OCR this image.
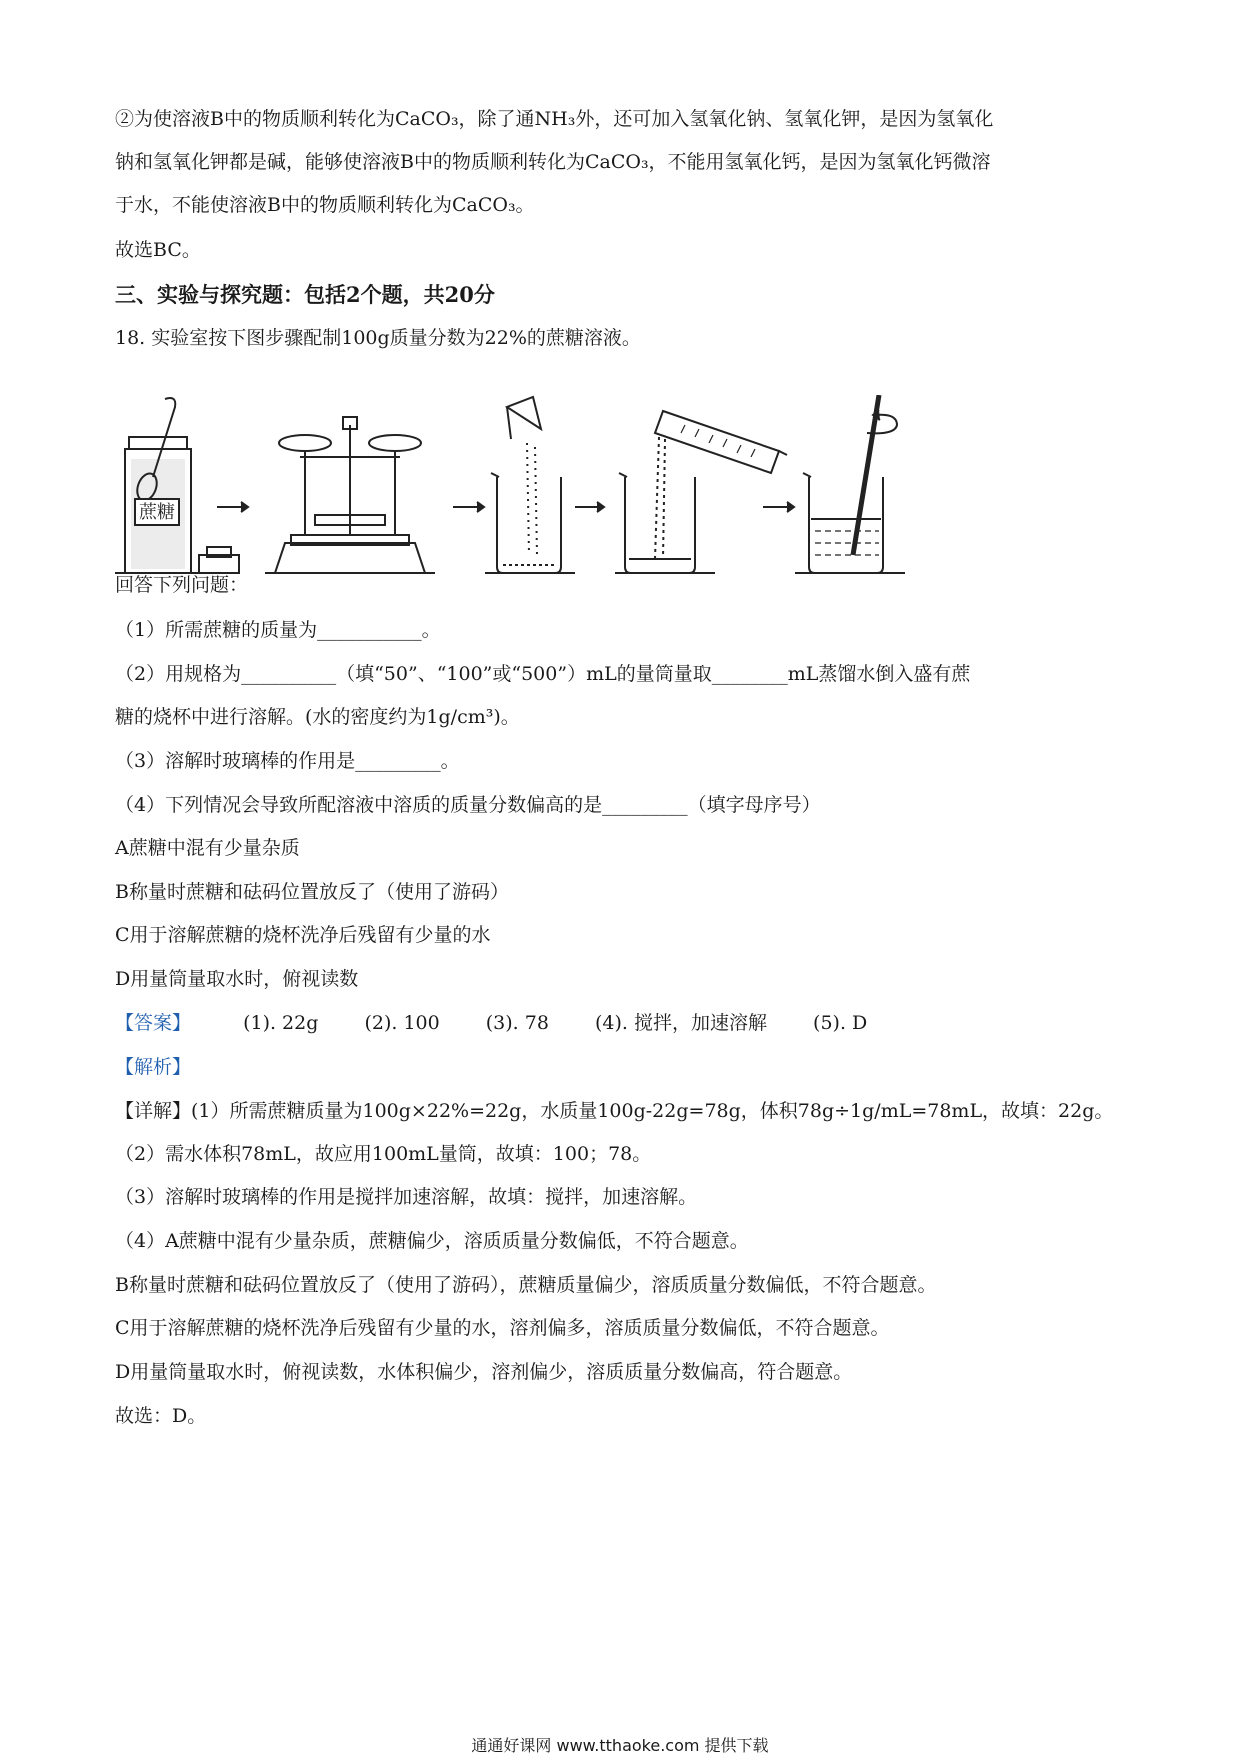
②为使溶液B中的物质顺利转化为CaCO₃，除了通NH₃外，还可加入氢氧化钠、氢氧化钾，是因为氢氧化
钠和氢氧化钾都是碱，能够使溶液B中的物质顺利转化为CaCO₃，不能用氢氧化钙，是因为氢氧化钙微溶
于水，不能使溶液B中的物质顺利转化为CaCO₃。
故选BC。
三、实验与探究题：包括2个题，共20分
18. 实验室按下图步骤配制100g质量分数为22%的蔗糖溶液。
蔗糖
回答下列问题：
（1）所需蔗糖的质量为___________。
（2）用规格为__________（填“50”、“100”或“500”）mL的量筒量取________mL蒸馏水倒入盛有蔗
糖的烧杯中进行溶解。(水的密度约为1g/cm³)。
（3）溶解时玻璃棒的作用是_________。
（4）下列情况会导致所配溶液中溶质的质量分数偏高的是_________（填字母序号）
A蔗糖中混有少量杂质
B称量时蔗糖和砝码位置放反了（使用了游码）
C用于溶解蔗糖的烧杯洗净后残留有少量的水
D用量筒量取水时，俯视读数
【答案】	(1). 22g (2). 100 (3). 78 (4). 搅拌，加速溶解 (5). D
【解析】
【详解】(1）所需蔗糖质量为100g×22%=22g，水质量100g-22g=78g，体积78g÷1g/mL=78mL，故填：22g。
（2）需水体积78mL，故应用100mL量筒，故填：100；78。
（3）溶解时玻璃棒的作用是搅拌加速溶解，故填：搅拌，加速溶解。
（4）A蔗糖中混有少量杂质，蔗糖偏少，溶质质量分数偏低，不符合题意。
B称量时蔗糖和砝码位置放反了（使用了游码），蔗糖质量偏少，溶质质量分数偏低，不符合题意。
C用于溶解蔗糖的烧杯洗净后残留有少量的水，溶剂偏多，溶质质量分数偏低，不符合题意。
D用量筒量取水时，俯视读数，水体积偏少，溶剂偏少，溶质质量分数偏高，符合题意。
故选：D。
通通好课网 www.tthaoke.com 提供下载
